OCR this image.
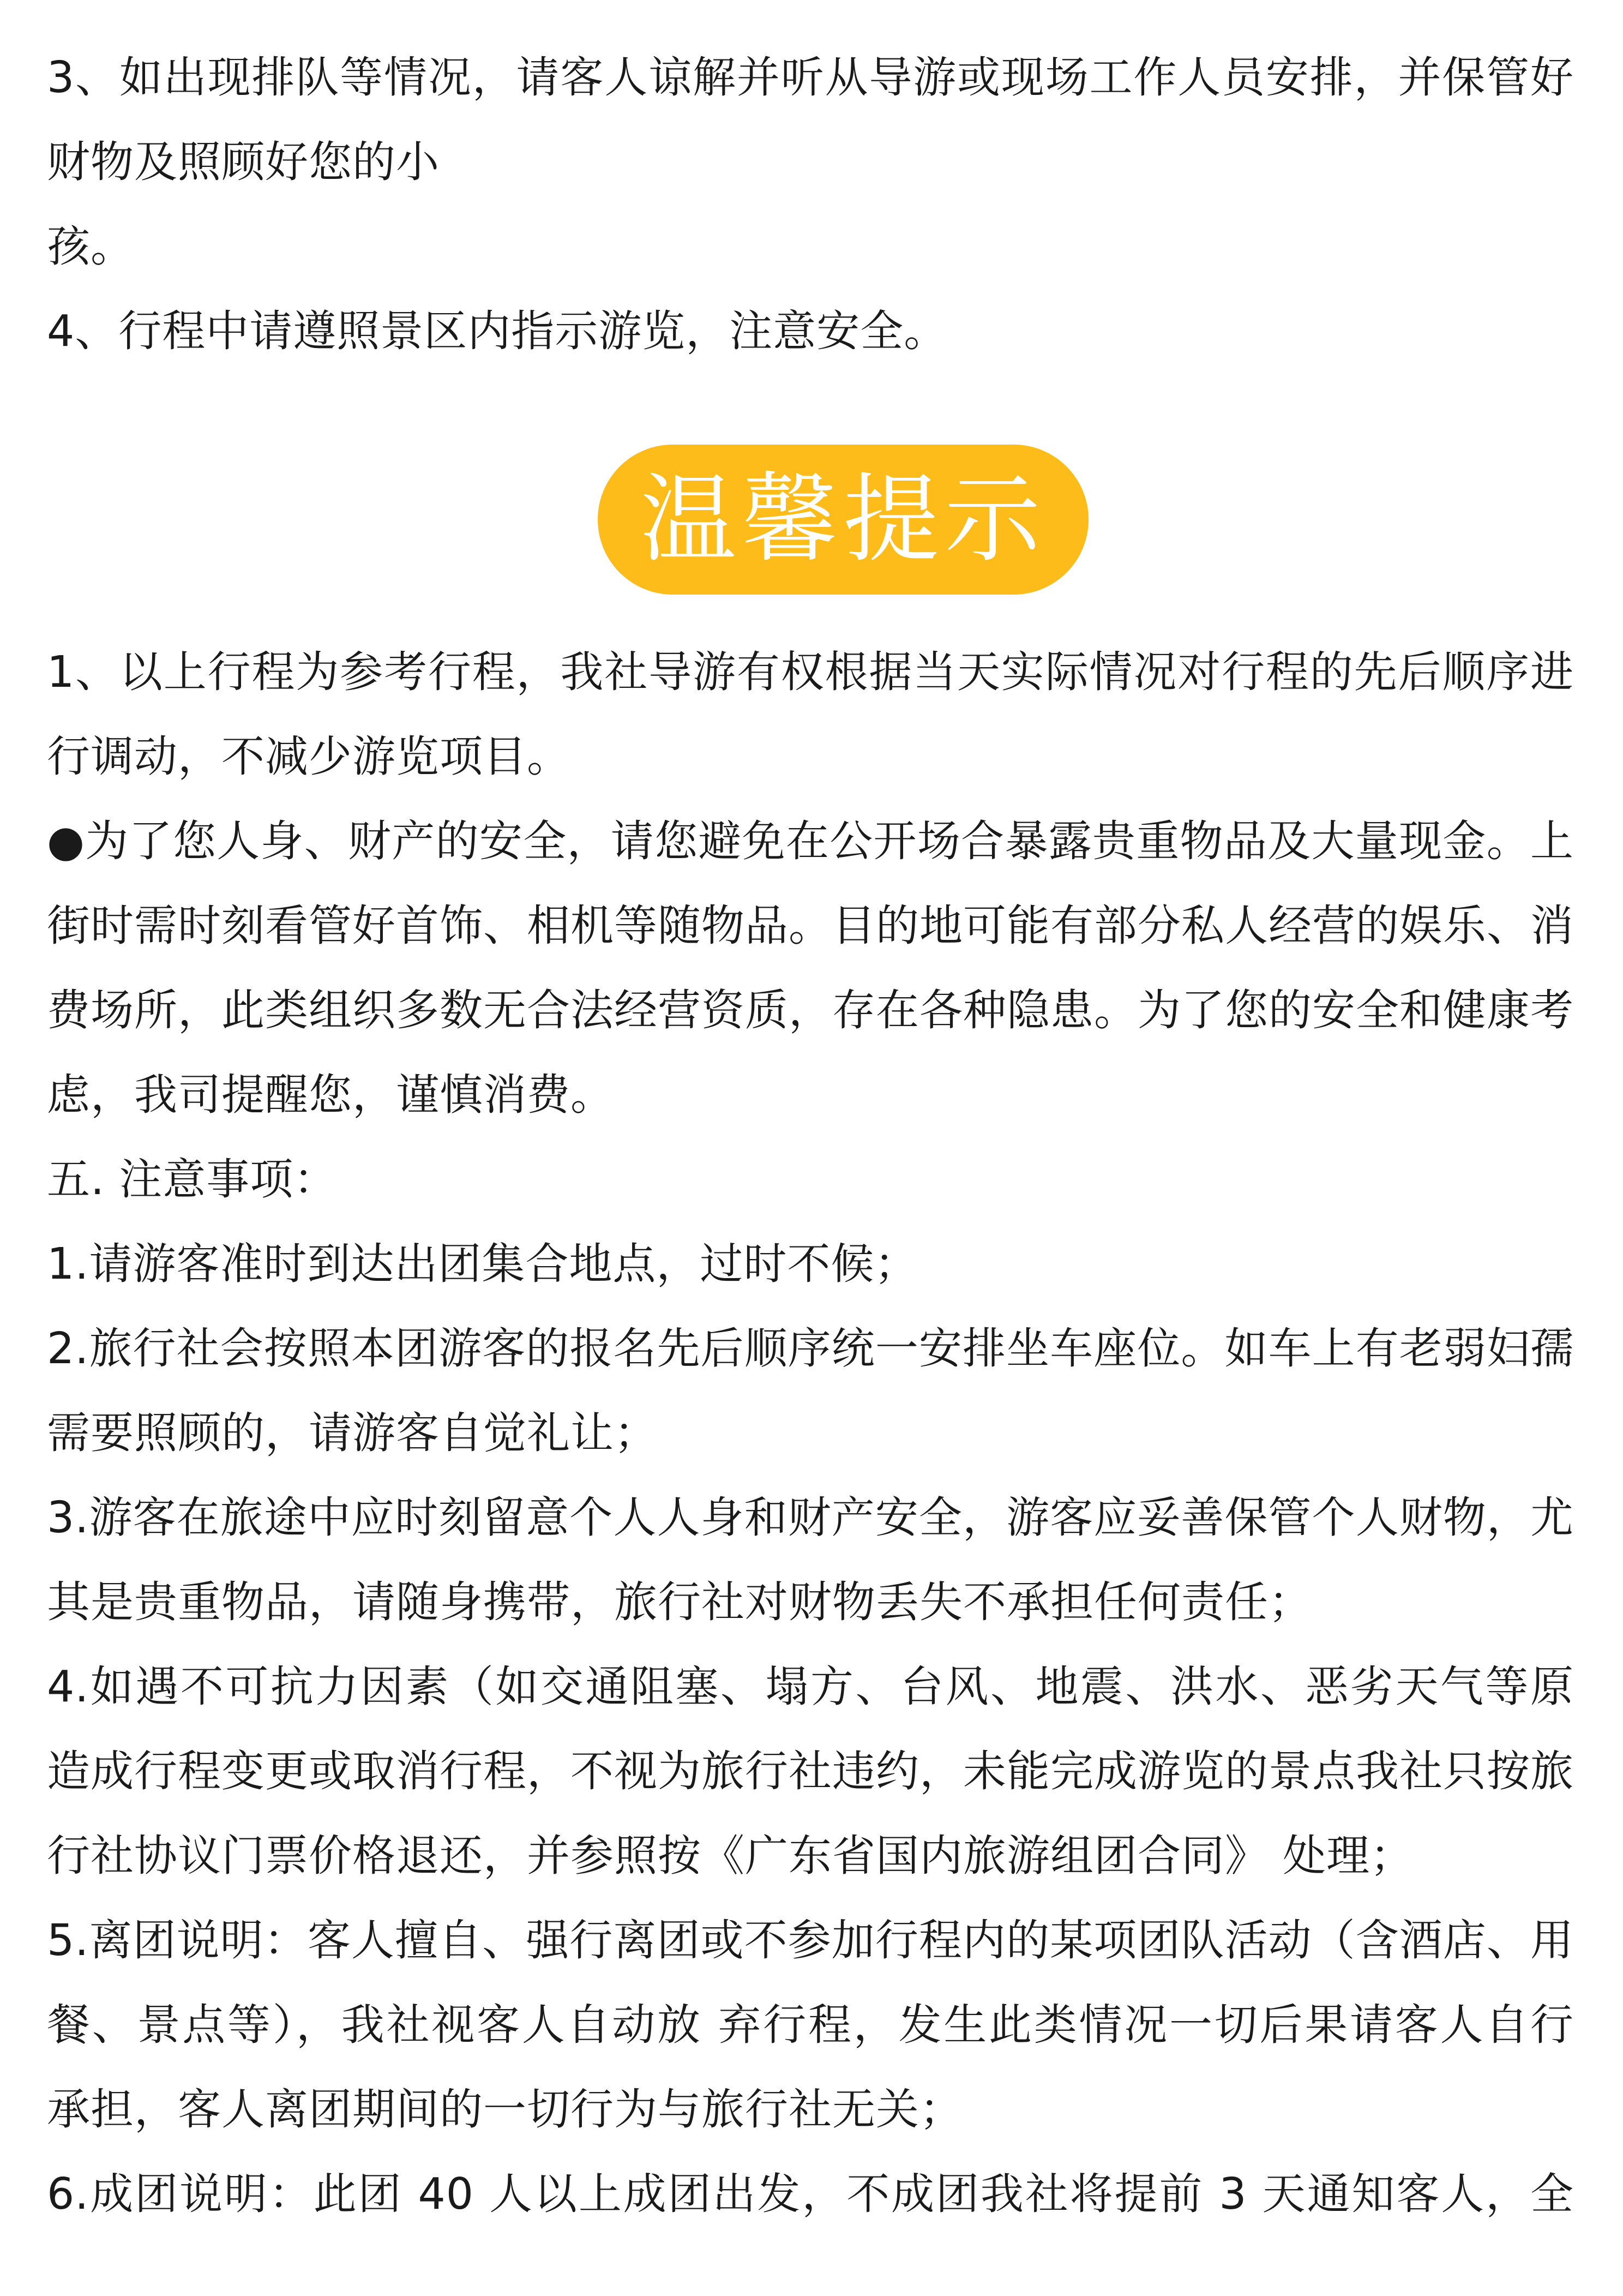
3、如出现排队等情况，请客人谅解并听从导游或现场工作人员安排，并保管好
财物及照顾好您的小
孩。
4、行程中请遵照景区内指示游览，注意安全。
温馨提示
1、以上行程为参考行程，我社导游有权根据当天实际情况对行程的先后顺序进
行调动，不减少游览项目。
●为了您人身、财产的安全，请您避免在公开场合暴露贵重物品及大量现金。上
街时需时刻看管好首饰、相机等随物品。目的地可能有部分私人经营的娱乐、消
费场所，此类组织多数无合法经营资质，存在各种隐患。为了您的安全和健康考
虑，我司提醒您，谨慎消费。
五. 注意事项：
1.请游客准时到达出团集合地点，过时不候；
2.旅行社会按照本团游客的报名先后顺序统一安排坐车座位。如车上有老弱妇孺
需要照顾的，请游客自觉礼让；
3.游客在旅途中应时刻留意个人人身和财产安全，游客应妥善保管个人财物，尤
其是贵重物品，请随身携带，旅行社对财物丢失不承担任何责任；
4.如遇不可抗力因素（如交通阻塞、塌方、台风、地震、洪水、恶劣天气等原
造成行程变更或取消行程，不视为旅行社违约，未能完成游览的景点我社只按旅
行社协议门票价格退还，并参照按《广东省国内旅游组团合同》 处理；
5.离团说明：客人擅自、强行离团或不参加行程内的某项团队活动（含酒店、用
餐、景点等），我社视客人自动放 弃行程，发生此类情况一切后果请客人自行
承担，客人离团期间的一切行为与旅行社无关；
6.成团说明：此团 40 人以上成团出发，不成团我社将提前 3 天通知客人，全
